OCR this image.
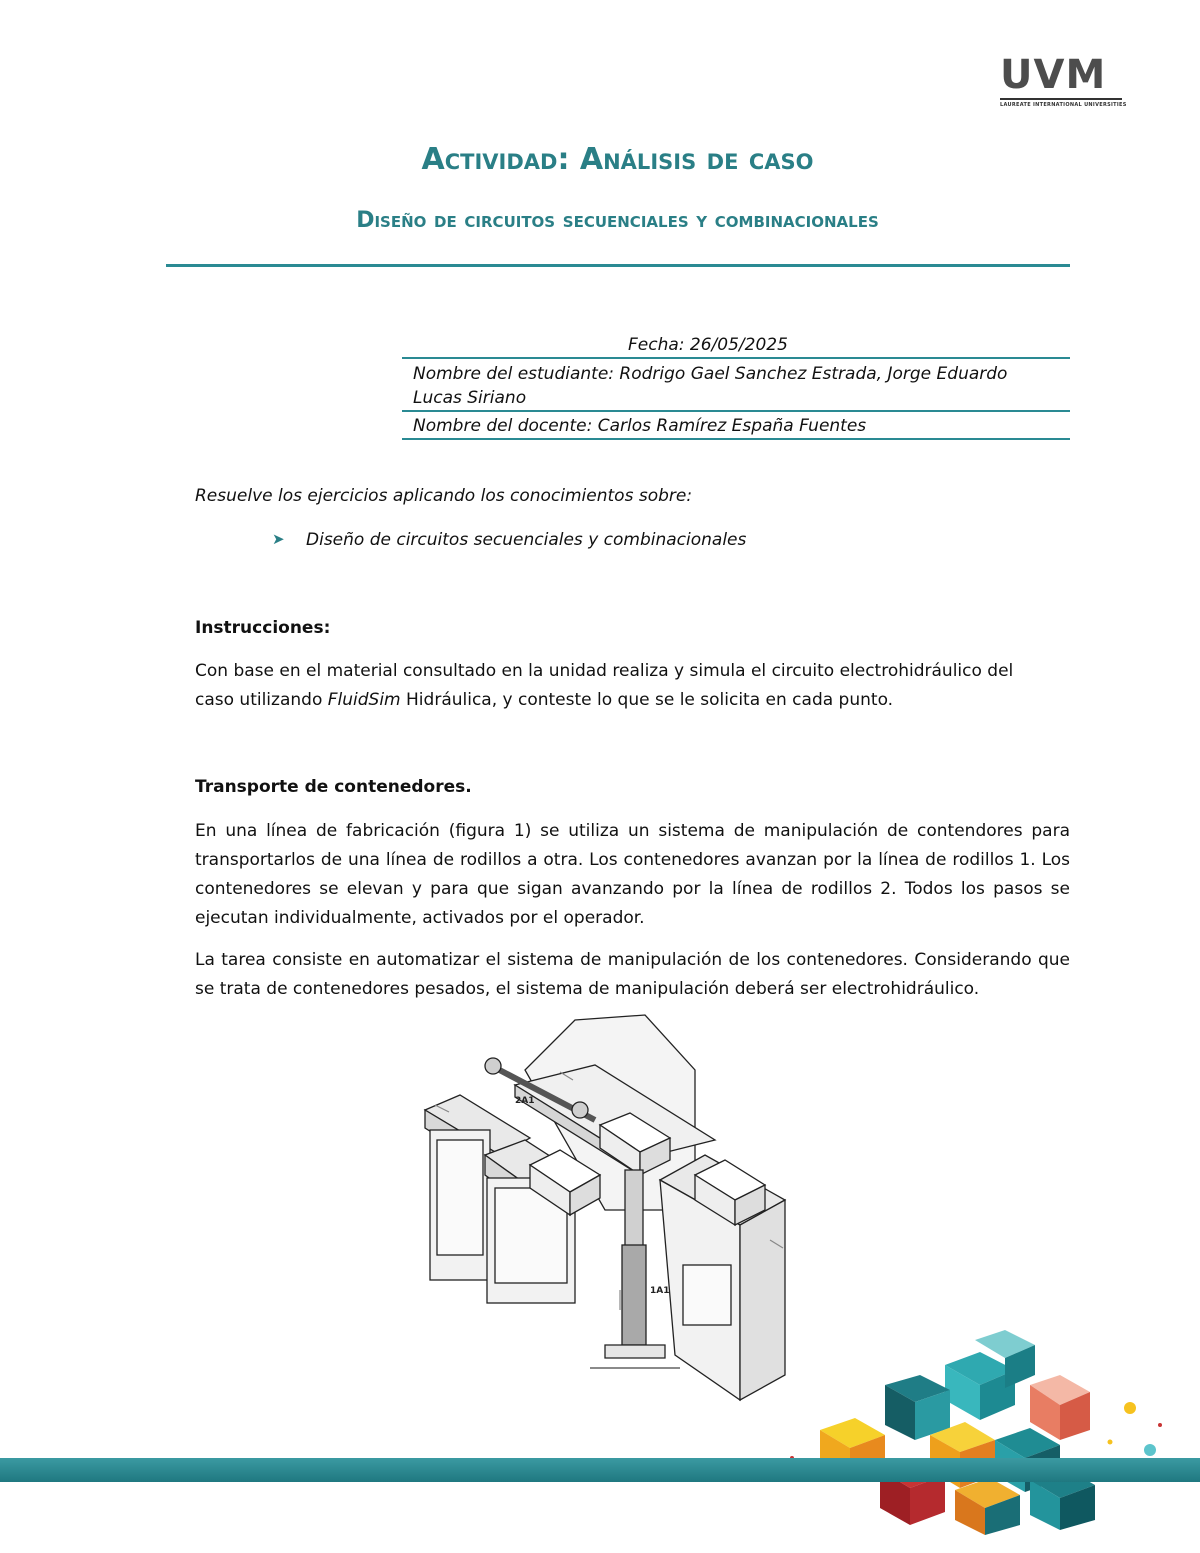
UVM
LAUREATE INTERNATIONAL UNIVERSITIES
Actividad: Análisis de caso
Diseño de circuitos secuenciales y combinacionales
Fecha: 26/05/2025
Nombre del estudiante: Rodrigo Gael Sanchez Estrada, Jorge Eduardo
Lucas Siriano
Nombre del docente: Carlos Ramírez España Fuentes
Resuelve los ejercicios aplicando los conocimientos sobre:
➤ Diseño de circuitos secuenciales y combinacionales
Instrucciones:
Con base en el material consultado en la unidad realiza y simula el circuito electrohidráulico del
caso utilizando FluidSim Hidráulica, y conteste lo que se le solicita en cada punto.
Transporte de contenedores.
En una línea de fabricación (figura 1) se utiliza un sistema de manipulación de contendores para transportarlos de una línea de rodillos a otra. Los contenedores avanzan por la línea de rodillos 1. Los contenedores se elevan y para que sigan avanzando por la línea de rodillos 2. Todos los pasos se ejecutan individualmente, activados por el operador.
La tarea consiste en automatizar el sistema de manipulación de los contenedores. Considerando que se trata de contenedores pesados, el sistema de manipulación deberá ser electrohidráulico.
2A1
1A1
